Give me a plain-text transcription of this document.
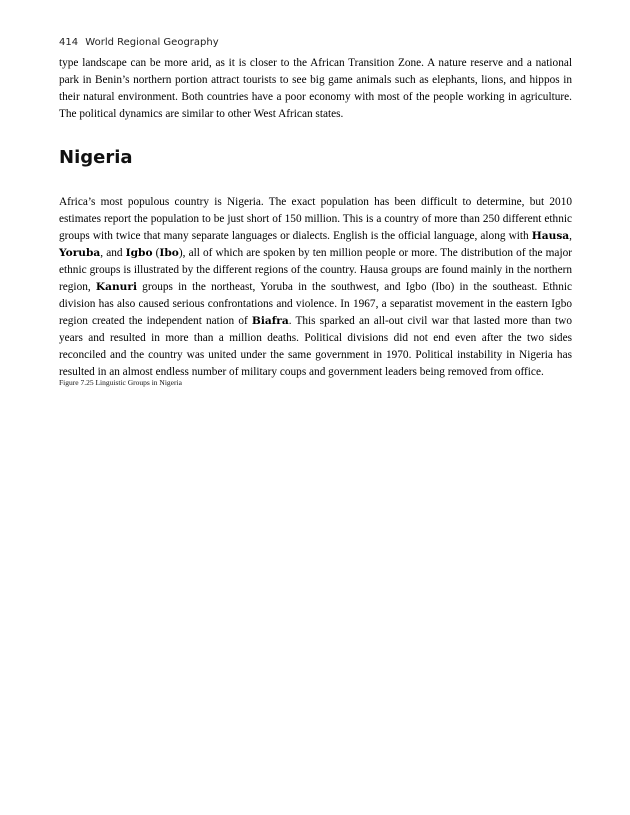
414 World Regional Geography

type landscape can be more arid, as it is closer to the African Transition Zone. A nature reserve and a national park in Benin’s northern portion attract tourists to see big game animals such as elephants, lions, and hippos in their natural environment. Both countries have a poor economy with most of the people working in agriculture. The political dynamics are similar to other West African states.

Nigeria

Africa’s most populous country is Nigeria. The exact population has been difficult to determine, but 2010 estimates report the population to be just short of 150 million. This is a country of more than 250 different ethnic groups with twice that many separate languages or dialects. English is the official language, along with Hausa, Yoruba, and Igbo (Ibo), all of which are spoken by ten million people or more. The distribution of the major ethnic groups is illustrated by the different regions of the country. Hausa groups are found mainly in the northern region, Kanuri groups in the northeast, Yoruba in the southwest, and Igbo (Ibo) in the southeast. Ethnic division has also caused serious confrontations and violence. In 1967, a separatist movement in the eastern Igbo region created the independent nation of Biafra. This sparked an all-out civil war that lasted more than two years and resulted in more than a million deaths. Political divisions did not end even after the two sides reconciled and the country was united under the same government in 1970. Political instability in Nigeria has resulted in an almost endless number of military coups and government leaders being removed from office.

Figure 7.25 Linguistic Groups in Nigeria
